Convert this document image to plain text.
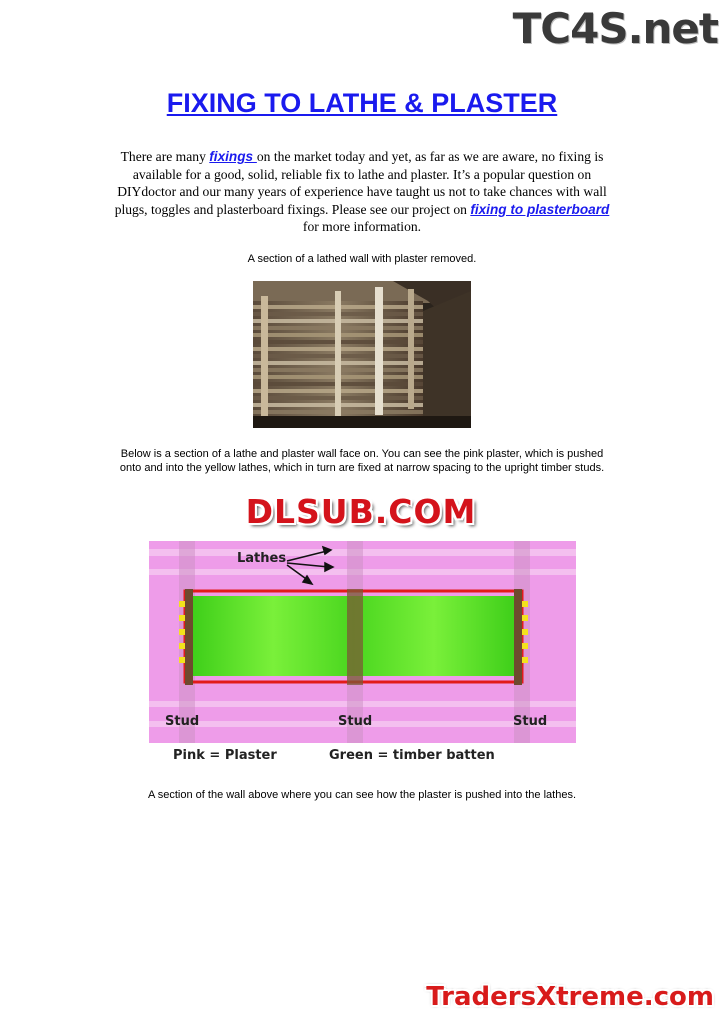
TC4S.net
FIXING TO LATHE & PLASTER
There are many fixings on the market today and yet, as far as we are aware, no fixing is available for a good, solid, reliable fix to lathe and plaster. It’s a popular question on DIYdoctor and our many years of experience have taught us not to take chances with wall plugs, toggles and plasterboard fixings. Please see our project on fixing to plasterboard for more information.
A section of a lathed wall with plaster removed.
Below is a section of a lathe and plaster wall face on. You can see the pink plaster, which is pushed onto and into the yellow lathes, which in turn are fixed at narrow spacing to the upright timber studs.
DLSUB.COM
Lathes
Stud	Stud	Stud
Pink = Plaster	Green = timber batten
A section of the wall above where you can see how the plaster is pushed into the lathes.
TradersXtreme.com
